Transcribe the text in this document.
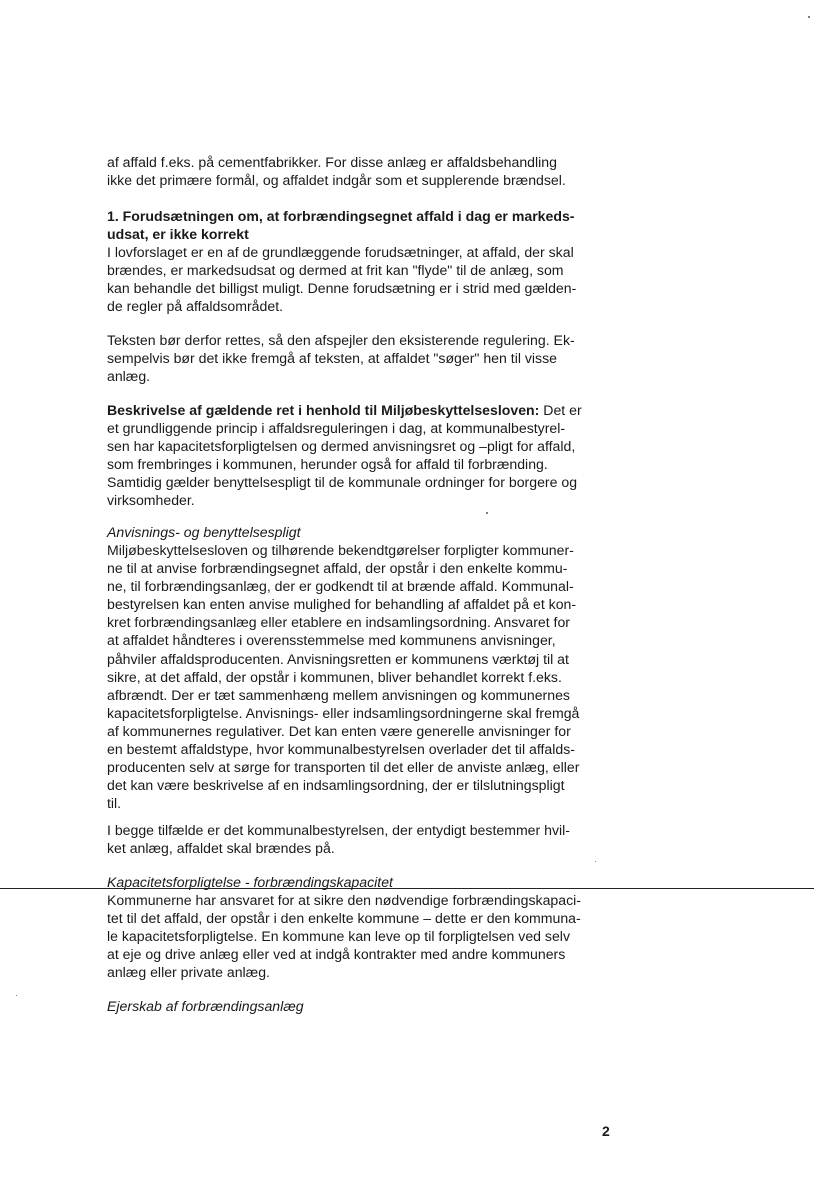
af affald f.eks. på cementfabrikker. For disse anlæg er affaldsbehandling
ikke det primære formål, og affaldet indgår som et supplerende brændsel.
1. Forudsætningen om, at forbrændingsegnet affald i dag er markeds-
udsat, er ikke korrekt
I lovforslaget er en af de grundlæggende forudsætninger, at affald, der skal
brændes, er markedsudsat og dermed at frit kan "flyde" til de anlæg, som
kan behandle det billigst muligt. Denne forudsætning er i strid med gælden-
de regler på affaldsområdet.
Teksten bør derfor rettes, så den afspejler den eksisterende regulering. Ek-
sempelvis bør det ikke fremgå af teksten, at affaldet "søger" hen til visse
anlæg.
Beskrivelse af gældende ret i henhold til Miljøbeskyttelsesloven: Det er
et grundliggende princip i affaldsreguleringen i dag, at kommunalbestyrel-
sen har kapacitetsforpligtelsen og dermed anvisningsret og –pligt for affald,
som frembringes i kommunen, herunder også for affald til forbrænding.
Samtidig gælder benyttelsespligt til de kommunale ordninger for borgere og
virksomheder.
Anvisnings- og benyttelsespligt
Miljøbeskyttelsesloven og tilhørende bekendtgørelser forpligter kommuner-
ne til at anvise forbrændingsegnet affald, der opstår i den enkelte kommu-
ne, til forbrændingsanlæg, der er godkendt til at brænde affald. Kommunal-
bestyrelsen kan enten anvise mulighed for behandling af affaldet på et kon-
kret forbrændingsanlæg eller etablere en indsamlingsordning. Ansvaret for
at affaldet håndteres i overensstemmelse med kommunens anvisninger,
påhviler affaldsproducenten. Anvisningsretten er kommunens værktøj til at
sikre, at det affald, der opstår i kommunen, bliver behandlet korrekt f.eks.
afbrændt. Der er tæt sammenhæng mellem anvisningen og kommunernes
kapacitetsforpligtelse. Anvisnings- eller indsamlingsordningerne skal fremgå
af kommunernes regulativer. Det kan enten være generelle anvisninger for
en bestemt affaldstype, hvor kommunalbestyrelsen overlader det til affalds-
producenten selv at sørge for transporten til det eller de anviste anlæg, eller
det kan være beskrivelse af en indsamlingsordning, der er tilslutningspligt
til.
I begge tilfælde er det kommunalbestyrelsen, der entydigt bestemmer hvil-
ket anlæg, affaldet skal brændes på.
Kapacitetsforpligtelse - forbrændingskapacitet
Kommunerne har ansvaret for at sikre den nødvendige forbrændingskapaci-
tet til det affald, der opstår i den enkelte kommune – dette er den kommuna-
le kapacitetsforpligtelse. En kommune kan leve op til forpligtelsen ved selv
at eje og drive anlæg eller ved at indgå kontrakter med andre kommuners
anlæg eller private anlæg.
Ejerskab af forbrændingsanlæg
2
